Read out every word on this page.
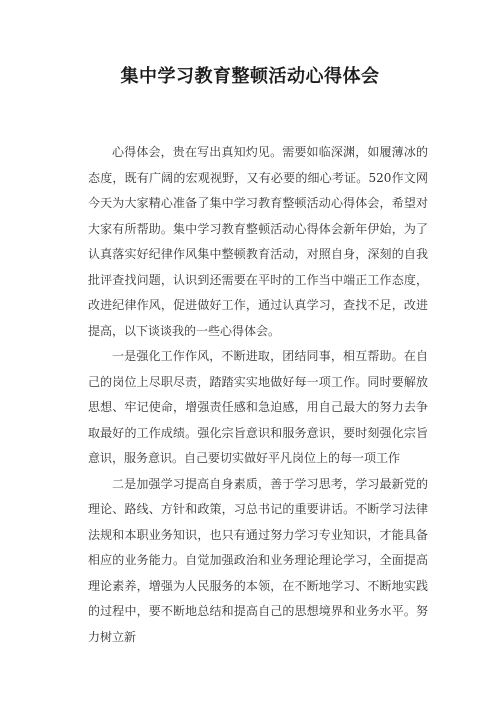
集中学习教育整顿活动心得体会

心得体会，贵在写出真知灼见。需要如临深渊，如履薄冰的态度，既有广阔的宏观视野，又有必要的细心考证。520作文网今天为大家精心准备了集中学习教育整顿活动心得体会，希望对大家有所帮助。集中学习教育整顿活动心得体会新年伊始，为了认真落实好纪律作风集中整顿教育活动，对照自身，深刻的自我批评查找问题，认识到还需要在平时的工作当中端正工作态度，改进纪律作风，促进做好工作，通过认真学习，查找不足，改进提高，以下谈谈我的一些心得体会。

一是强化工作作风，不断进取，团结同事，相互帮助。在自己的岗位上尽职尽责，踏踏实实地做好每一项工作。同时要解放思想、牢记使命，增强责任感和急迫感，用自己最大的努力去争取最好的工作成绩。强化宗旨意识和服务意识，要时刻强化宗旨意识，服务意识。自己要切实做好平凡岗位上的每一项工作

二是加强学习提高自身素质，善于学习思考，学习最新党的理论、路线、方针和政策，习总书记的重要讲话。不断学习法律法规和本职业务知识，也只有通过努力学习专业知识，才能具备相应的业务能力。自觉加强政治和业务理论理论学习，全面提高理论素养，增强为人民服务的本领，在不断地学习、不断地实践的过程中，要不断地总结和提高自己的思想境界和业务水平。努力树立新
